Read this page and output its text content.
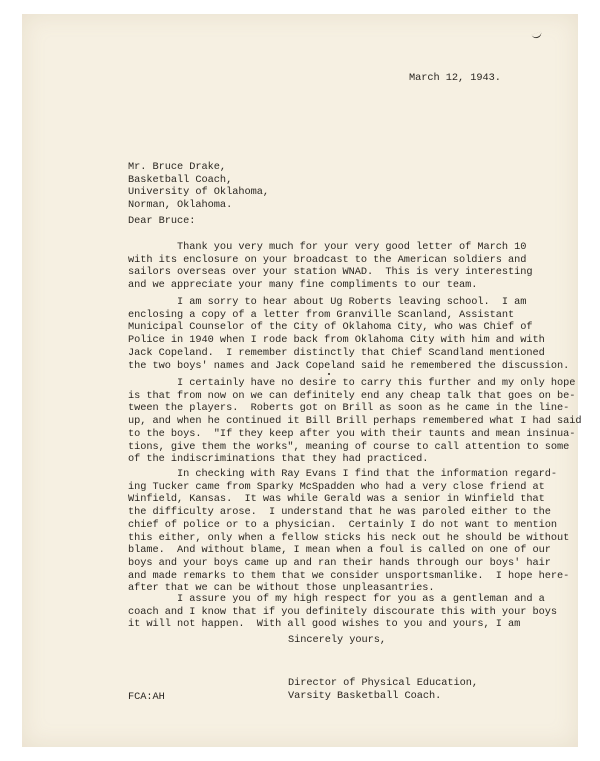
March 12, 1943.

Mr. Bruce Drake,
Basketball Coach,
University of Oklahoma,
Norman, Oklahoma.

Dear Bruce:

Thank you very much for your very good letter of March 10
with its enclosure on your broadcast to the American soldiers and
sailors overseas over your station WNAD.  This is very interesting
and we appreciate your many fine compliments to our team.

I am sorry to hear about Ug Roberts leaving school.  I am
enclosing a copy of a letter from Granville Scanland, Assistant
Municipal Counselor of the City of Oklahoma City, who was Chief of
Police in 1940 when I rode back from Oklahoma City with him and with
Jack Copeland.  I remember distinctly that Chief Scandland mentioned
the two boys' names and Jack Copeland said he remembered the discussion.

I certainly have no desire to carry this further and my only hope
is that from now on we can definitely end any cheap talk that goes on be-
tween the players.  Roberts got on Brill as soon as he came in the line-
up, and when he continued it Bill Brill perhaps remembered what I had said
to the boys.  "If they keep after you with their taunts and mean insinua-
tions, give them the works", meaning of course to call attention to some
of the indiscriminations that they had practiced.

In checking with Ray Evans I find that the information regard-
ing Tucker came from Sparky McSpadden who had a very close friend at
Winfield, Kansas.  It was while Gerald was a senior in Winfield that
the difficulty arose.  I understand that he was paroled either to the
chief of police or to a physician.  Certainly I do not want to mention
this either, only when a fellow sticks his neck out he should be without
blame.  And without blame, I mean when a foul is called on one of our
boys and your boys came up and ran their hands through our boys' hair
and made remarks to them that we consider unsportsmanlike.  I hope here-
after that we can be without those unpleasantries.

I assure you of my high respect for you as a gentleman and a
coach and I know that if you definitely discourate this with your boys
it will not happen.  With all good wishes to you and yours, I am

Sincerely yours,

Director of Physical Education,
Varsity Basketball Coach.

FCA:AH
